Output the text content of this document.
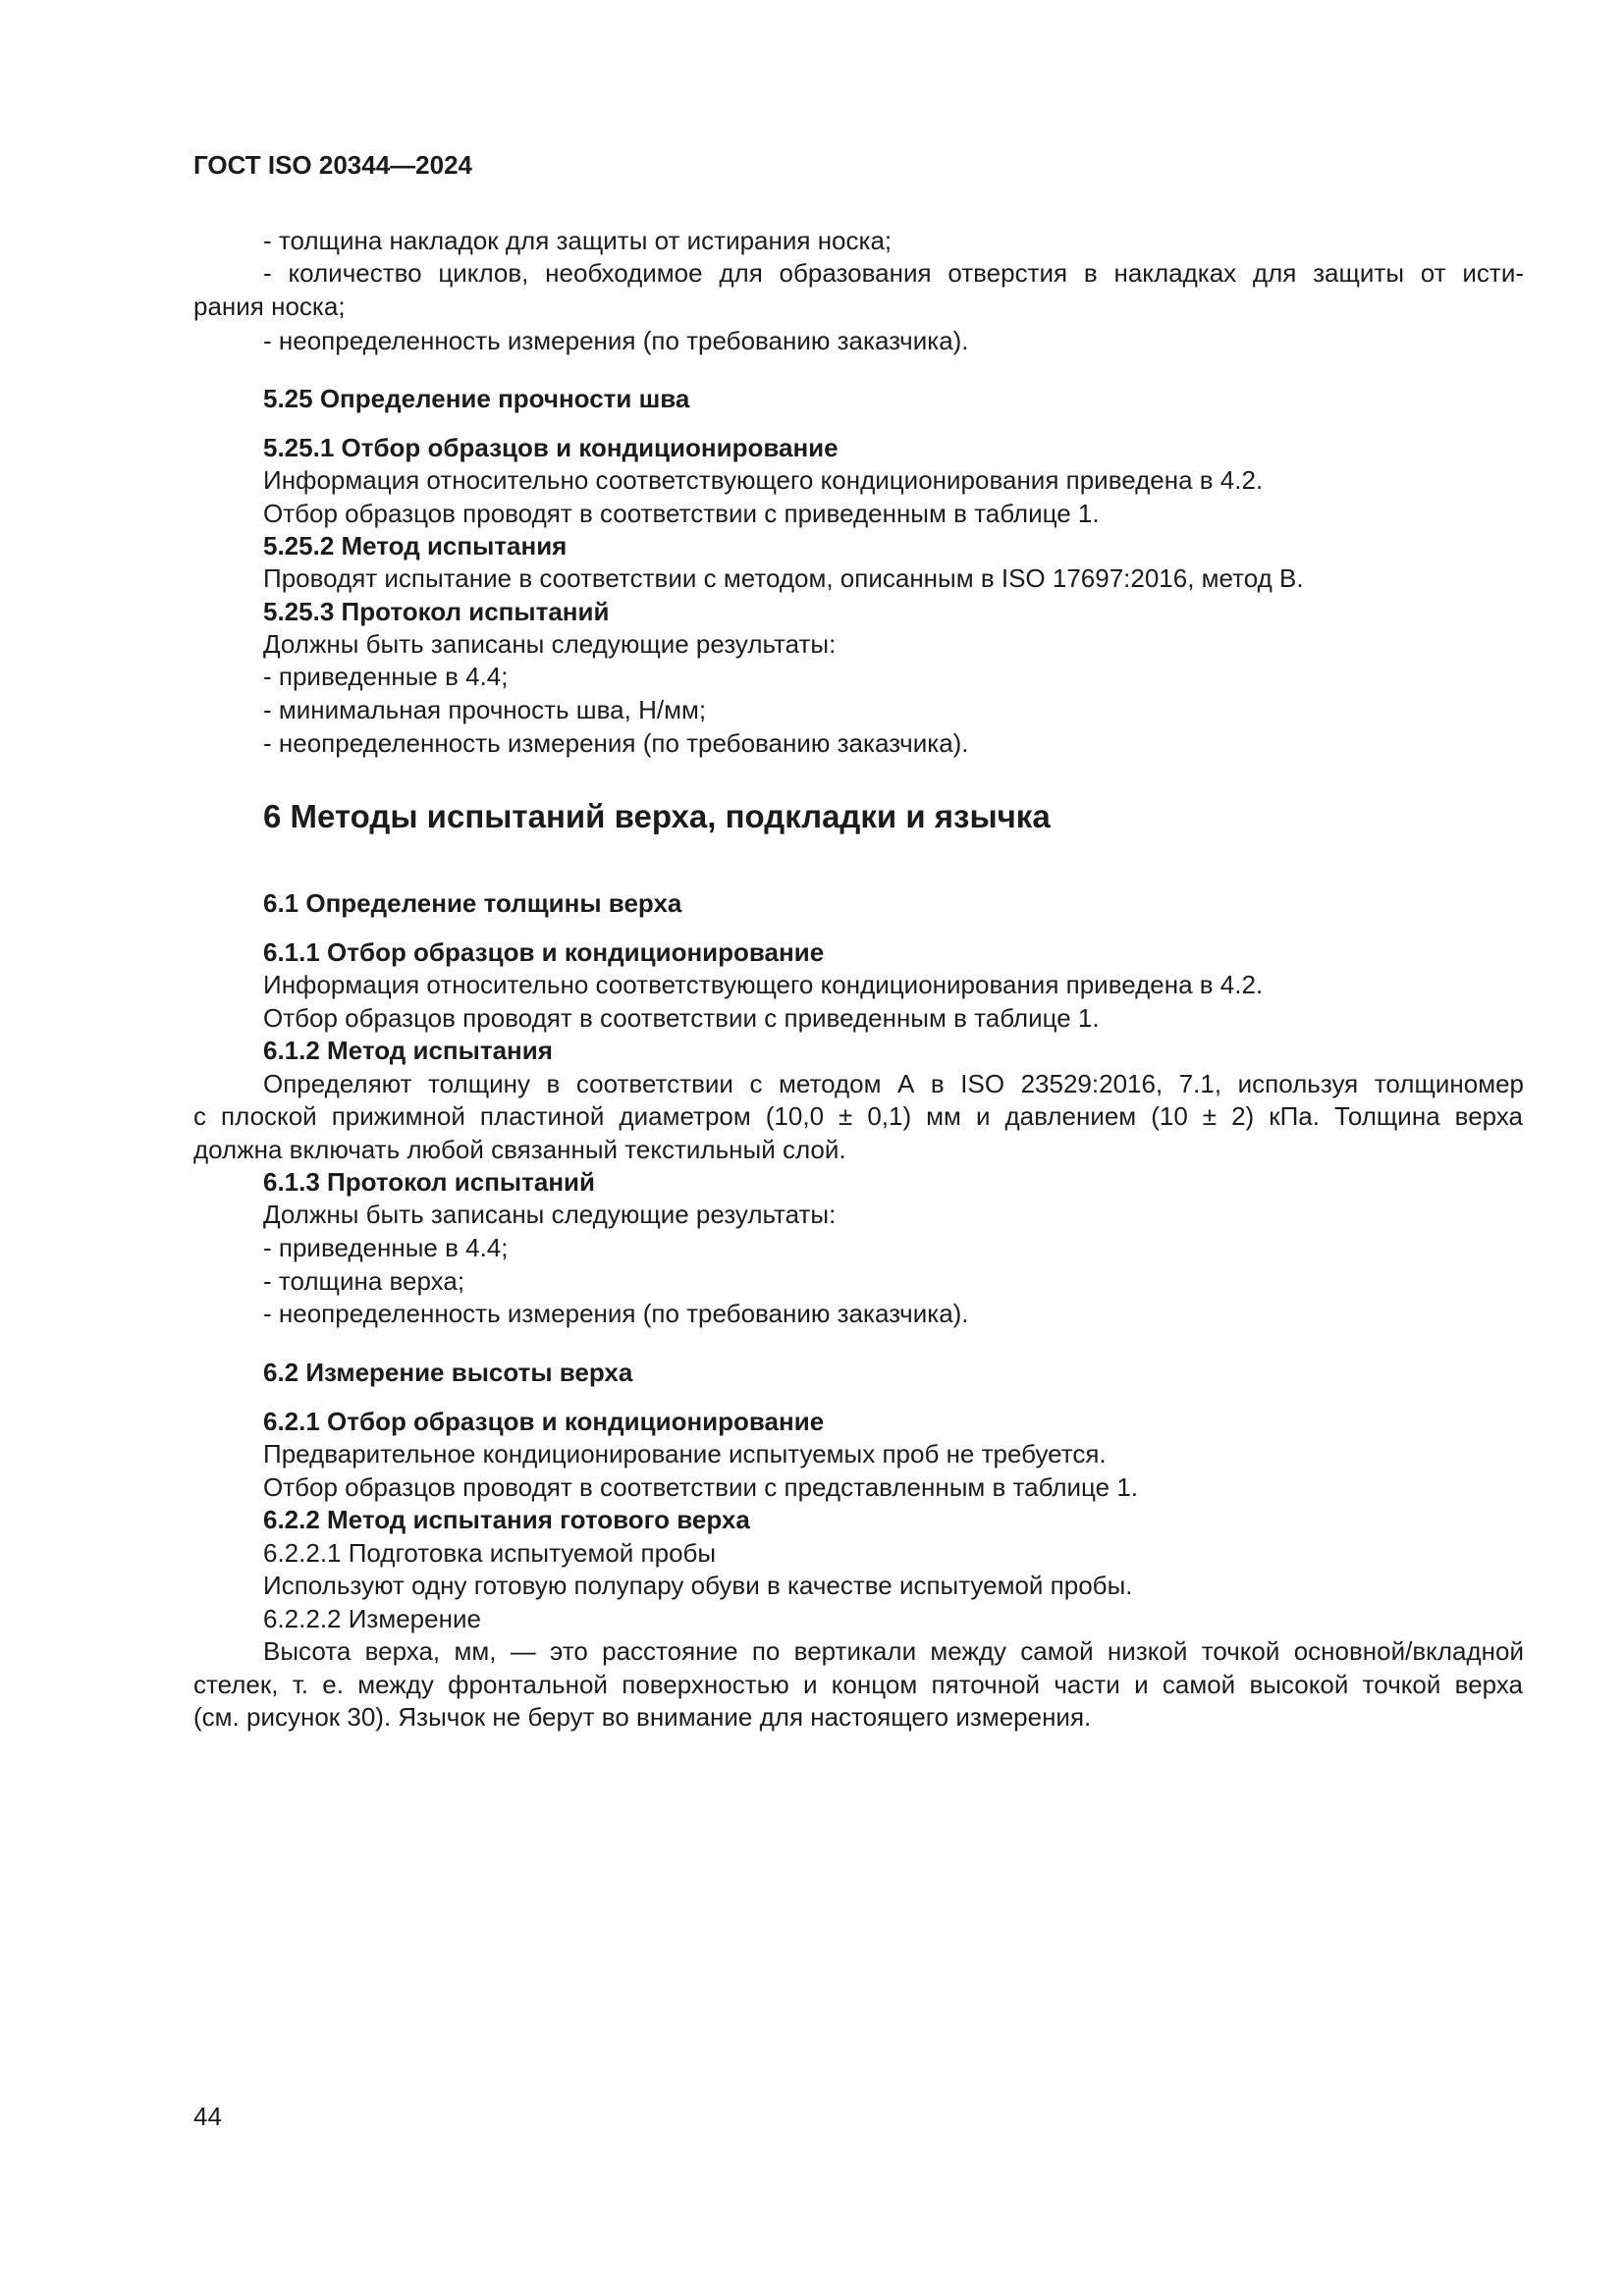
ГОСТ ISO 20344—2024
- толщина накладок для защиты от истирания носка;
- количество циклов, необходимое для образования отверстия в накладках для защиты от исти-
рания носка;
- неопределенность измерения (по требованию заказчика).
5.25 Определение прочности шва
5.25.1 Отбор образцов и кондиционирование
Информация относительно соответствующего кондиционирования приведена в 4.2.
Отбор образцов проводят в соответствии с приведенным в таблице 1.
5.25.2 Метод испытания
Проводят испытание в соответствии с методом, описанным в ISO 17697:2016, метод В.
5.25.3 Протокол испытаний
Должны быть записаны следующие результаты:
- приведенные в 4.4;
- минимальная прочность шва, Н/мм;
- неопределенность измерения (по требованию заказчика).
6 Методы испытаний верха, подкладки и язычка
6.1 Определение толщины верха
6.1.1 Отбор образцов и кондиционирование
Информация относительно соответствующего кондиционирования приведена в 4.2.
Отбор образцов проводят в соответствии с приведенным в таблице 1.
6.1.2 Метод испытания
Определяют толщину в соответствии с методом А в ISO 23529:2016, 7.1, используя толщиномер
с плоской прижимной пластиной диаметром (10,0 ± 0,1) мм и давлением (10 ± 2) кПа. Толщина верха
должна включать любой связанный текстильный слой.
6.1.3 Протокол испытаний
Должны быть записаны следующие результаты:
- приведенные в 4.4;
- толщина верха;
- неопределенность измерения (по требованию заказчика).
6.2 Измерение высоты верха
6.2.1 Отбор образцов и кондиционирование
Предварительное кондиционирование испытуемых проб не требуется.
Отбор образцов проводят в соответствии с представленным в таблице 1.
6.2.2 Метод испытания готового верха
6.2.2.1 Подготовка испытуемой пробы
Используют одну готовую полупару обуви в качестве испытуемой пробы.
6.2.2.2 Измерение
Высота верха, мм, — это расстояние по вертикали между самой низкой точкой основной/вкладной
стелек, т. е. между фронтальной поверхностью и концом пяточной части и самой высокой точкой верха
(см. рисунок 30). Язычок не берут во внимание для настоящего измерения.
44
